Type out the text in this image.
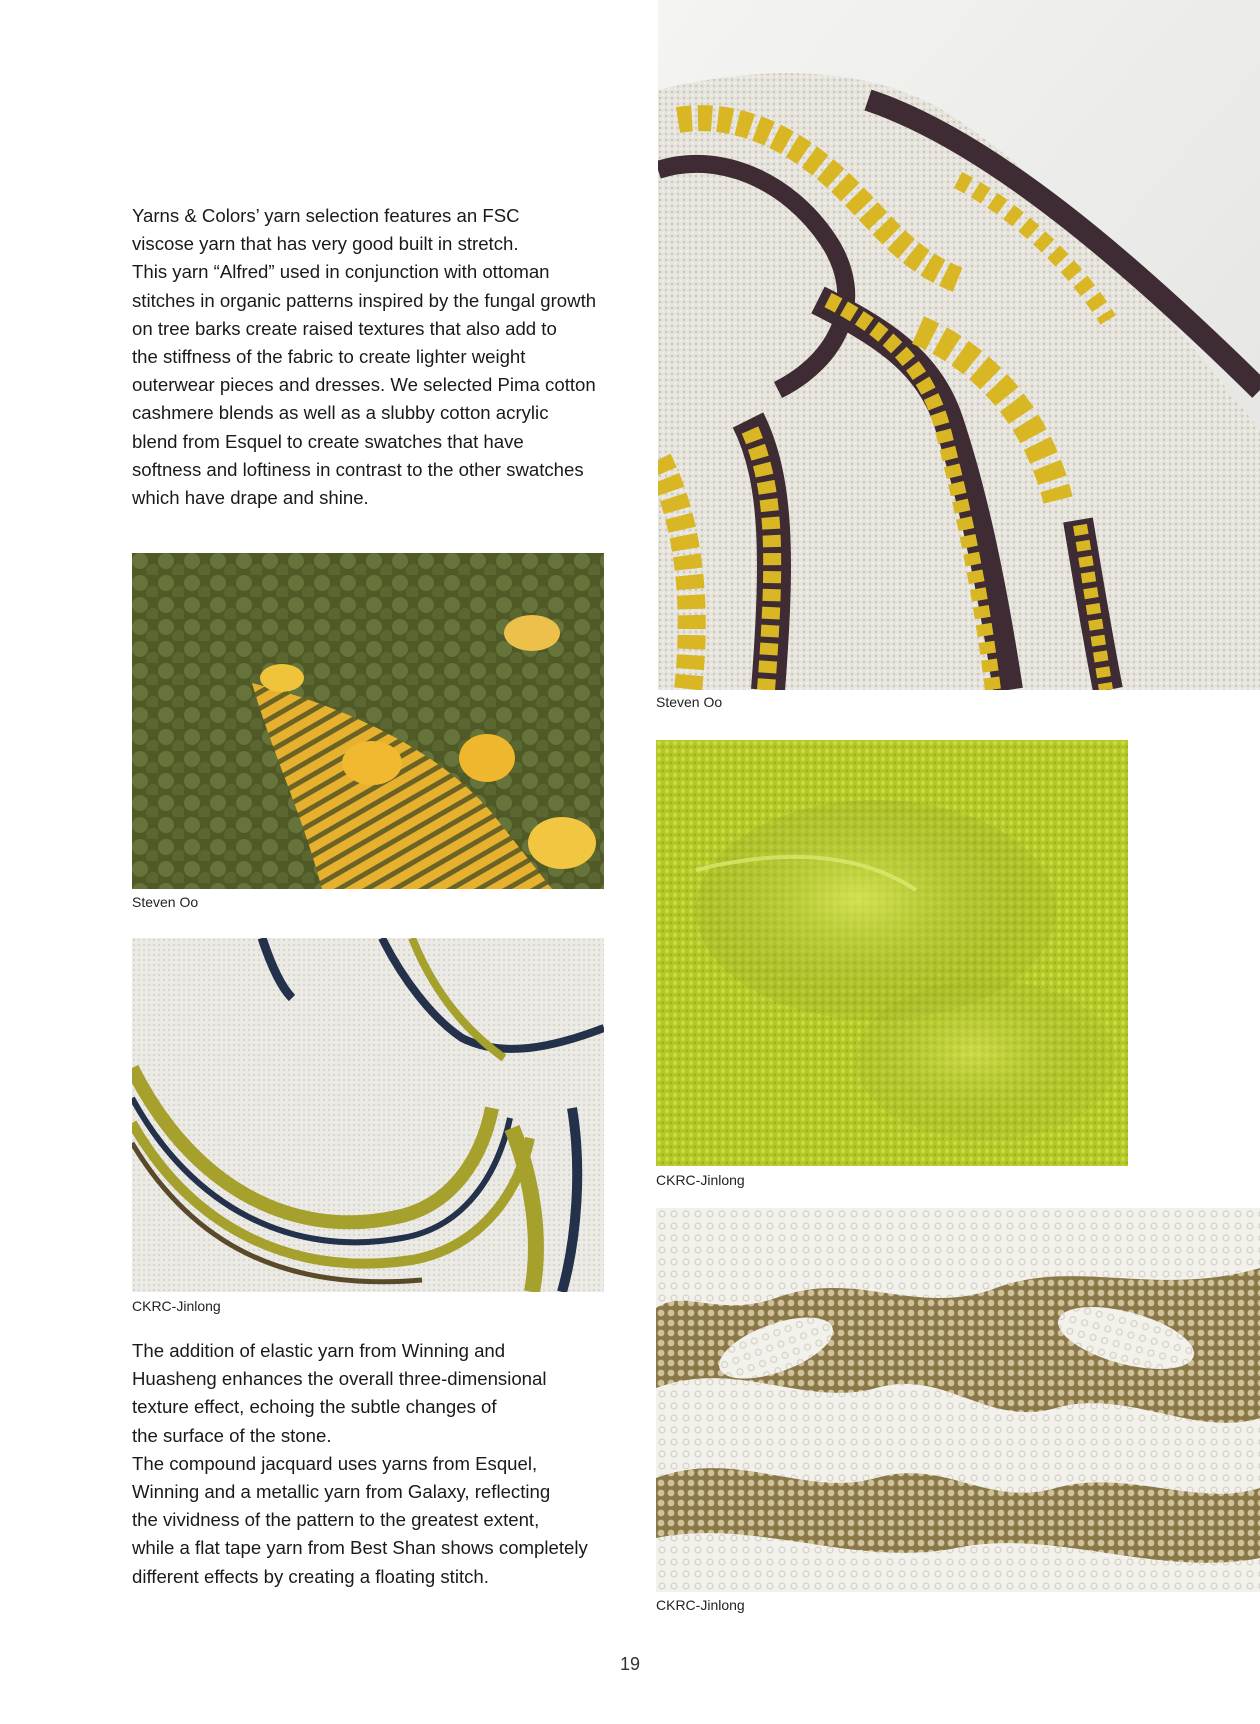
Yarns & Colors’ yarn selection features an FSC
viscose yarn that has very good built in stretch.
This yarn “Alfred” used in conjunction with ottoman
stitches in organic patterns inspired by the fungal growth
on tree barks create raised textures that also add to
the stiffness of the fabric to create lighter weight
outerwear pieces and dresses. We selected Pima cotton
cashmere blends as well as a slubby cotton acrylic
blend from Esquel to create swatches that have
softness and loftiness in contrast to the other swatches
which have drape and shine.
Steven Oo
Steven Oo
CKRC-Jinlong
CKRC-Jinlong
CKRC-Jinlong
The addition of elastic yarn from Winning and
Huasheng enhances the overall three-dimensional
texture effect, echoing the subtle changes of
the surface of the stone.
The compound jacquard uses yarns from Esquel,
Winning and a metallic yarn from Galaxy, reflecting
the vividness of the pattern to the greatest extent,
while a flat tape yarn from Best Shan shows completely
different effects by creating a floating stitch.
19
